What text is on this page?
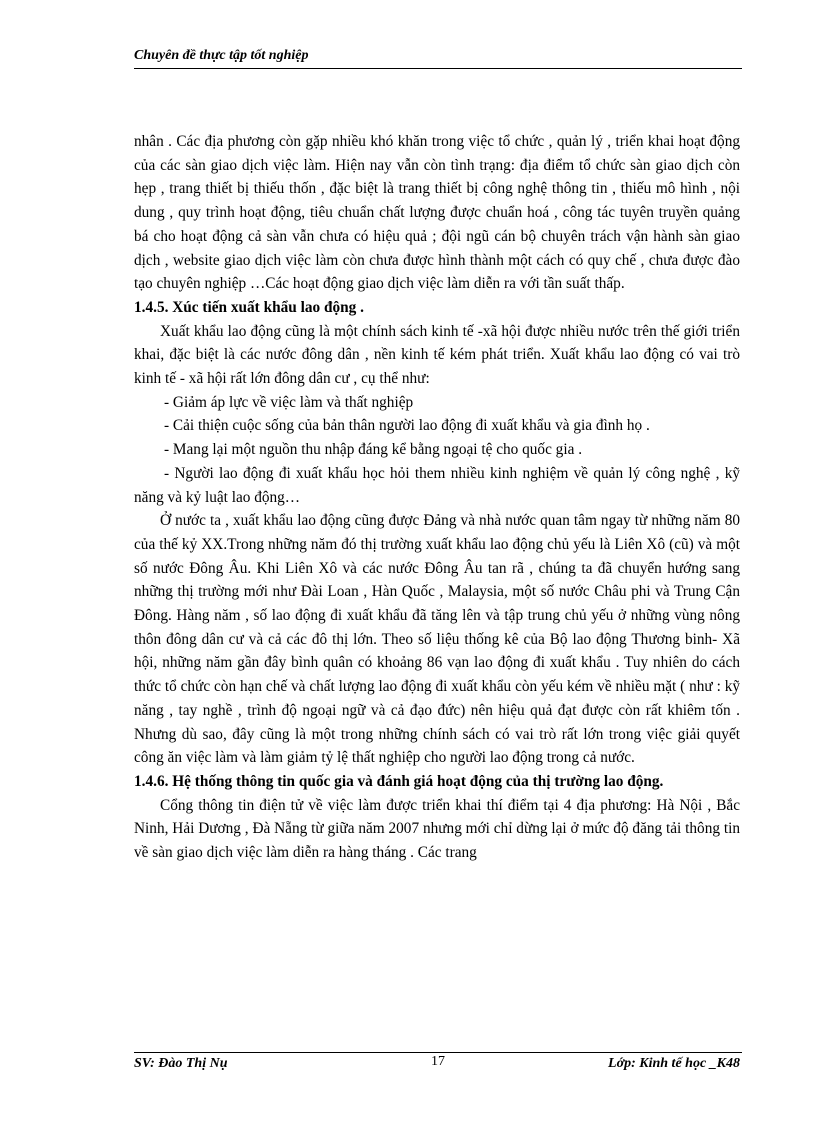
Chuyên đề thực tập tốt nghiệp

nhân . Các địa phương còn gặp nhiều khó khăn trong việc tổ chức , quản lý , triển khai hoạt động của các sàn giao dịch việc làm. Hiện nay vẫn còn tình trạng: địa điểm tổ chức sàn giao dịch còn hẹp , trang thiết bị thiếu thốn , đặc biệt là trang thiết bị công nghệ thông tin , thiếu mô hình , nội dung , quy trình hoạt động, tiêu chuẩn chất lượng được chuẩn hoá , công tác tuyên truyền quảng bá cho hoạt động cả sàn vẫn chưa có hiệu quả ; đội ngũ cán bộ chuyên trách vận hành sàn giao dịch , website giao dịch việc làm còn chưa được hình thành một cách có quy chế , chưa được đào tạo chuyên nghiệp …Các hoạt động giao dịch việc làm diễn ra với tần suất thấp.

1.4.5. Xúc tiến xuất khẩu lao động .

Xuất khẩu lao động cũng là một chính sách kinh tế -xã hội được nhiều nước trên thế giới triển khai, đặc biệt là các nước đông dân , nền kinh tế kém phát triển. Xuất khẩu lao động có vai trò kinh tế - xã hội rất lớn đông dân cư , cụ thể như:

- Giảm áp lực về việc làm và thất nghiệp

- Cải thiện cuộc sống của bản thân người lao động đi xuất khẩu và gia đình họ .

- Mang lại một nguồn thu nhập đáng kể bằng ngoại tệ cho quốc gia .

- Người lao động đi xuất khẩu học hỏi them nhiều kinh nghiệm về quản lý công nghệ , kỹ năng và kỷ luật lao động…

Ở nước ta , xuất khẩu lao động cũng được Đảng và nhà nước quan tâm ngay từ những năm 80 của thế kỷ XX.Trong những năm đó thị trường xuất khẩu lao động chủ yếu là Liên Xô (cũ) và một số nước Đông Âu. Khi Liên Xô và các nước Đông Âu tan rã , chúng ta đã chuyển hướng sang những thị trường mới như Đài Loan , Hàn Quốc , Malaysia, một số nước Châu phi và Trung Cận Đông. Hàng năm , số lao động đi xuất khẩu đã tăng lên và tập trung chủ yếu ở những vùng nông thôn đông dân cư và cả các đô thị lớn. Theo số liệu thống kê của Bộ lao động Thương binh- Xã hội, những năm gần đây bình quân có khoảng 86 vạn lao động đi xuất khẩu . Tuy nhiên do cách thức tổ chức còn hạn chế và chất lượng lao động đi xuất khẩu còn yếu kém về nhiều mặt ( như : kỹ năng , tay nghề , trình độ ngoại ngữ và cả đạo đức) nên hiệu quả đạt được còn rất khiêm tốn . Nhưng dù sao, đây cũng là một trong những chính sách có vai trò rất lớn trong việc giải quyết công ăn việc làm và làm giảm tỷ lệ thất nghiệp cho người lao động trong cả nước.

1.4.6. Hệ thống thông tin quốc gia và đánh giá hoạt động của thị trường lao động.

Cổng thông tin điện tử về việc làm được triển khai thí điểm tại 4 địa phương: Hà Nội , Bắc Ninh, Hải Dương , Đà Nẵng từ giữa năm 2007 nhưng mới chỉ dừng lại ở mức độ đăng tải thông tin về sàn giao dịch việc làm diễn ra hàng tháng . Các trang

SV: Đào Thị Nụ	17	Lớp: Kinh tế học _K48
